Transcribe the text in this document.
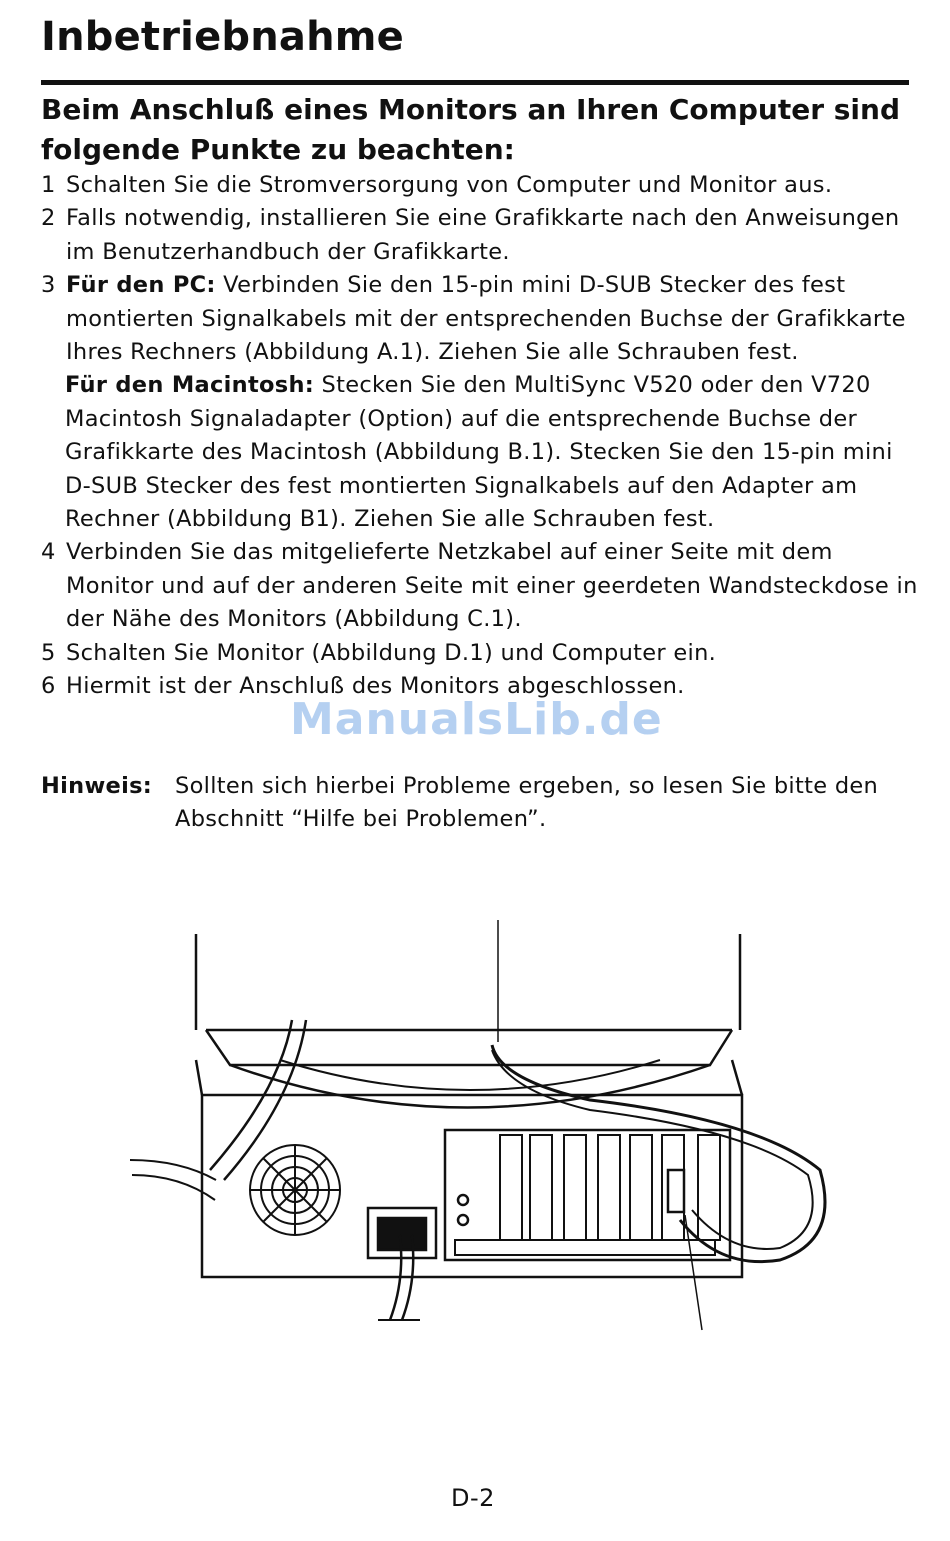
Inbetriebnahme
Beim Anschluß eines Monitors an Ihren Computer sind folgende Punkte zu beachten:
1 Schalten Sie die Stromversorgung von Computer und Monitor aus.
2 Falls notwendig, installieren Sie eine Grafikkarte nach den Anweisungen im Benutzerhandbuch der Grafikkarte.
3 Für den PC: Verbinden Sie den 15-pin mini D-SUB Stecker des fest montierten Signalkabels mit der entsprechenden Buchse der Grafikkarte Ihres Rechners (Abbildung A.1). Ziehen Sie alle Schrauben fest.
Für den Macintosh: Stecken Sie den MultiSync V520 oder den V720 Macintosh Signaladapter (Option) auf die entsprechende Buchse der Grafikkarte des Macintosh (Abbildung B.1). Stecken Sie den 15-pin mini D-SUB Stecker des fest montierten Signalkabels auf den Adapter am Rechner (Abbildung B1). Ziehen Sie alle Schrauben fest.
4 Verbinden Sie das mitgelieferte Netzkabel auf einer Seite mit dem Monitor und auf der anderen Seite mit einer geerdeten Wandsteckdose in der Nähe des Monitors (Abbildung C.1).
5 Schalten Sie Monitor (Abbildung D.1) und Computer ein.
6 Hiermit ist der Anschluß des Monitors abgeschlossen.
ManualsLib.de
Hinweis:	Sollten sich hierbei Probleme ergeben, so lesen Sie bitte den Abschnitt “Hilfe bei Problemen”.
D-2
